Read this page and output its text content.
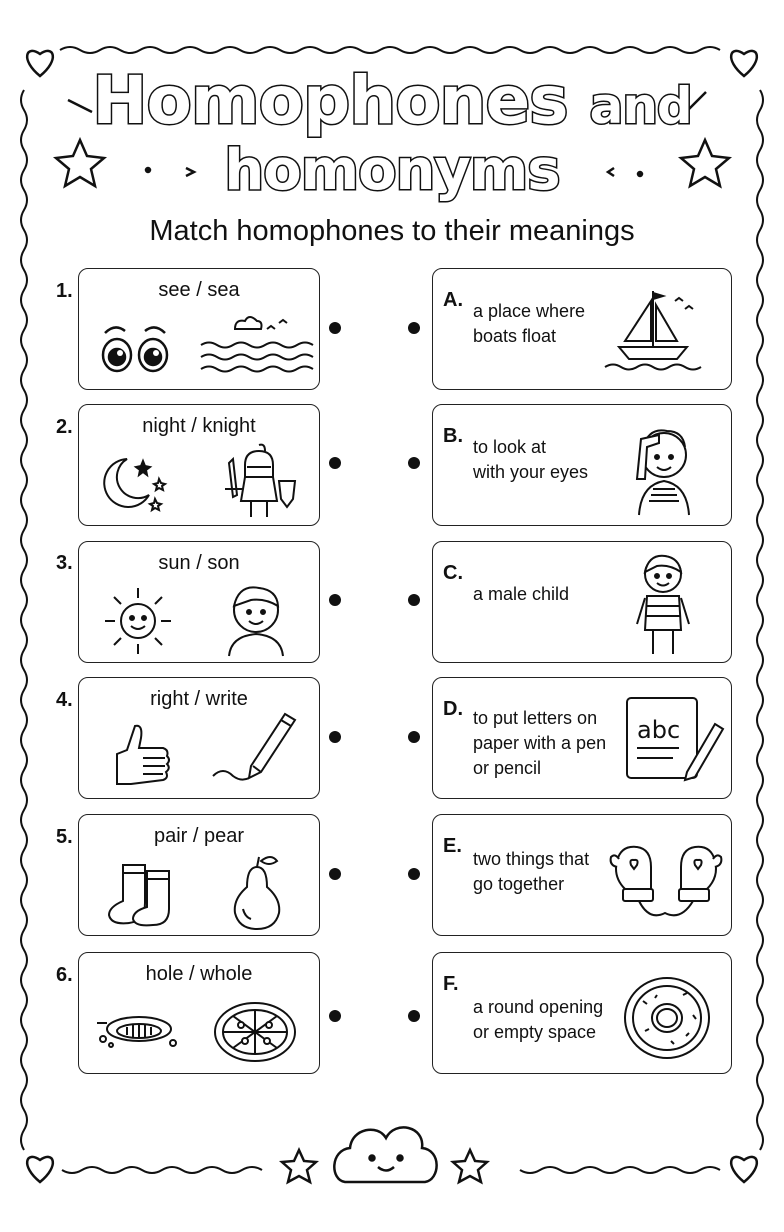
Homophones and
homonyms
Match homophones to their meanings
1.	see / sea	A. a place where
boats float
2.	night / knight	B. to look at
with your eyes
3.	sun / son	C.
a male child
4.	right / write	D. to put letters on
paper with a pen
or pencil
abc
5.	pair / pear	E.
two things that
go together
6.	hole / whole	F.
a round opening
or empty space
